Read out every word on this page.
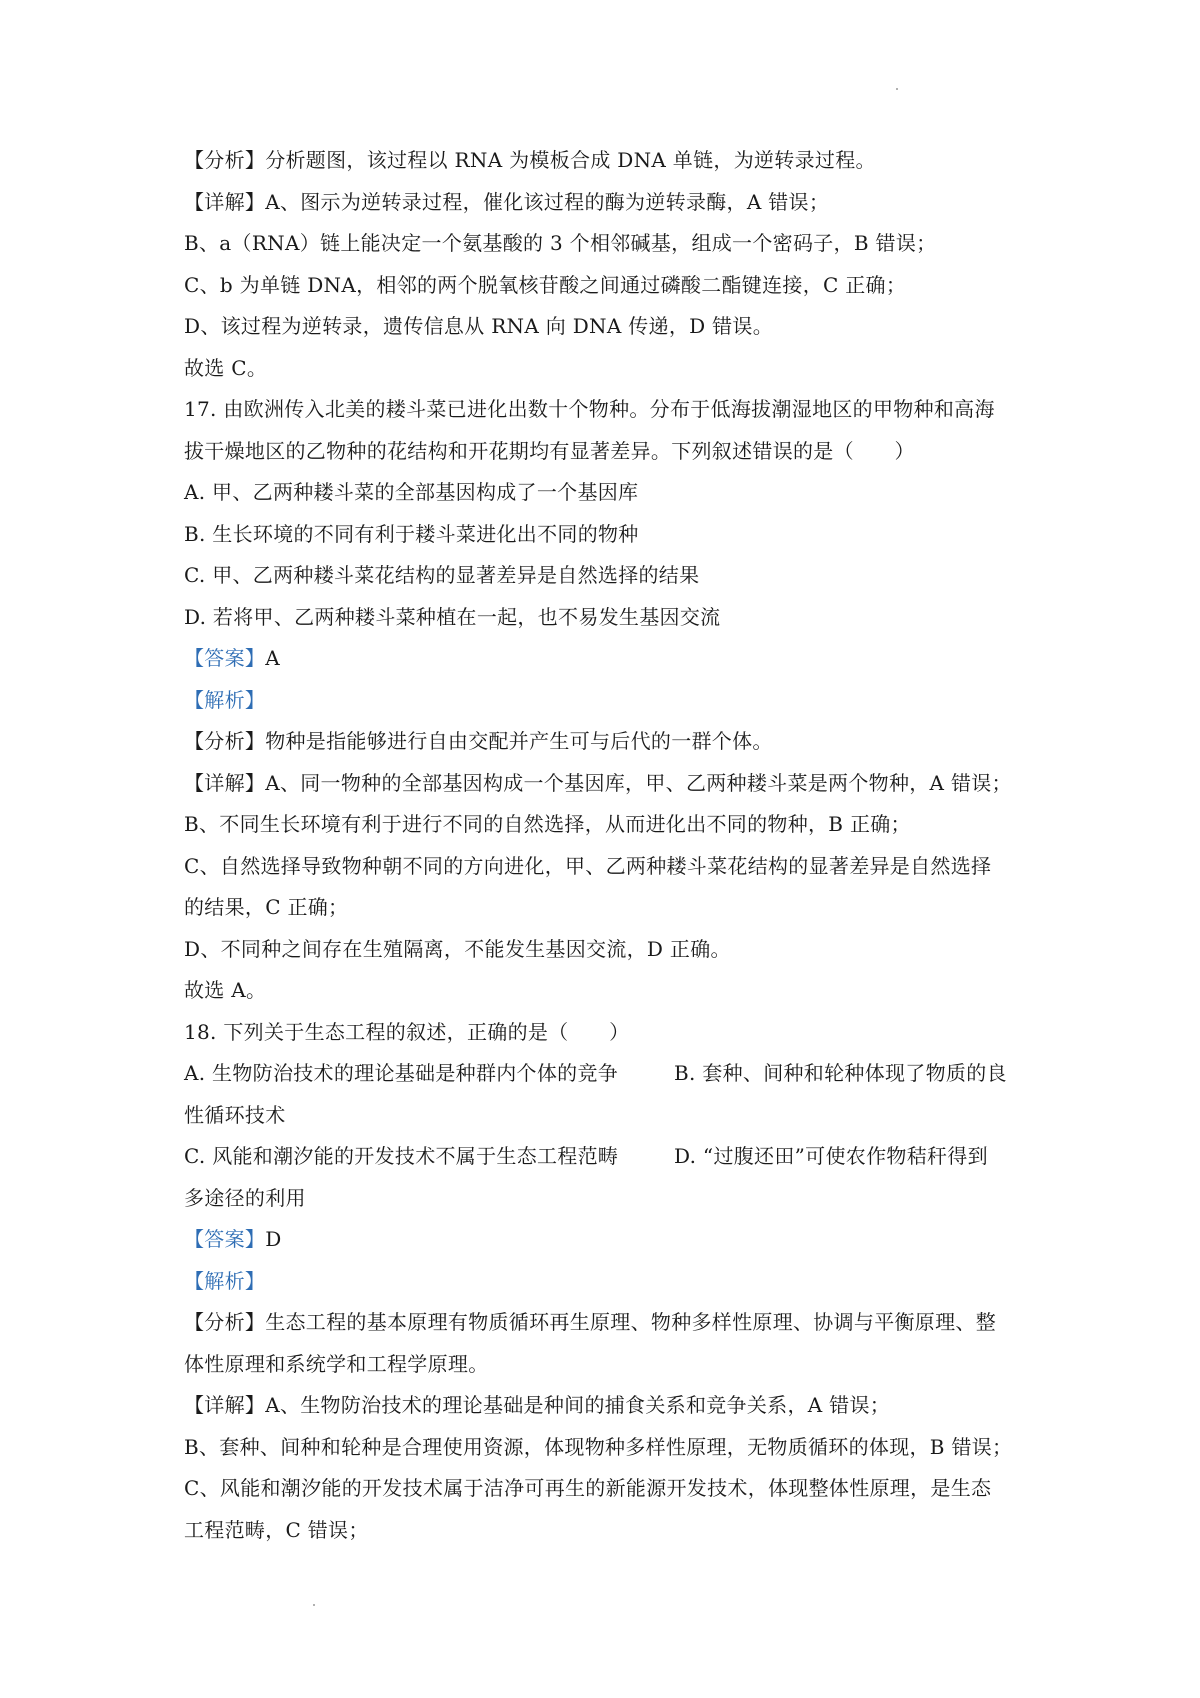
【分析】分析题图，该过程以 RNA 为模板合成 DNA 单链，为逆转录过程。
【详解】A、图示为逆转录过程，催化该过程的酶为逆转录酶，A 错误；
B、a（RNA）链上能决定一个氨基酸的 3 个相邻碱基，组成一个密码子，B 错误；
C、b 为单链 DNA，相邻的两个脱氧核苷酸之间通过磷酸二酯键连接，C 正确；
D、该过程为逆转录，遗传信息从 RNA 向 DNA 传递，D 错误。
故选 C。
17. 由欧洲传入北美的耧斗菜已进化出数十个物种。分布于低海拔潮湿地区的甲物种和高海
拔干燥地区的乙物种的花结构和开花期均有显著差异。下列叙述错误的是（　　）
A. 甲、乙两种耧斗菜的全部基因构成了一个基因库
B. 生长环境的不同有利于耧斗菜进化出不同的物种
C. 甲、乙两种耧斗菜花结构的显著差异是自然选择的结果
D. 若将甲、乙两种耧斗菜种植在一起，也不易发生基因交流
【答案】A
【解析】
【分析】物种是指能够进行自由交配并产生可与后代的一群个体。
【详解】A、同一物种的全部基因构成一个基因库，甲、乙两种耧斗菜是两个物种，A 错误；
B、不同生长环境有利于进行不同的自然选择，从而进化出不同的物种，B 正确；
C、自然选择导致物种朝不同的方向进化，甲、乙两种耧斗菜花结构的显著差异是自然选择
的结果，C 正确；
D、不同种之间存在生殖隔离，不能发生基因交流，D 正确。
故选 A。
18. 下列关于生态工程的叙述，正确的是（　　）
A. 生物防治技术的理论基础是种群内个体的竞争	B. 套种、间种和轮种体现了物质的良
性循环技术
C. 风能和潮汐能的开发技术不属于生态工程范畴	D. “过腹还田”可使农作物秸秆得到
多途径的利用
【答案】D
【解析】
【分析】生态工程的基本原理有物质循环再生原理、物种多样性原理、协调与平衡原理、整
体性原理和系统学和工程学原理。
【详解】A、生物防治技术的理论基础是种间的捕食关系和竞争关系，A 错误；
B、套种、间种和轮种是合理使用资源，体现物种多样性原理，无物质循环的体现，B 错误；
C、风能和潮汐能的开发技术属于洁净可再生的新能源开发技术，体现整体性原理，是生态
工程范畴，C 错误；
